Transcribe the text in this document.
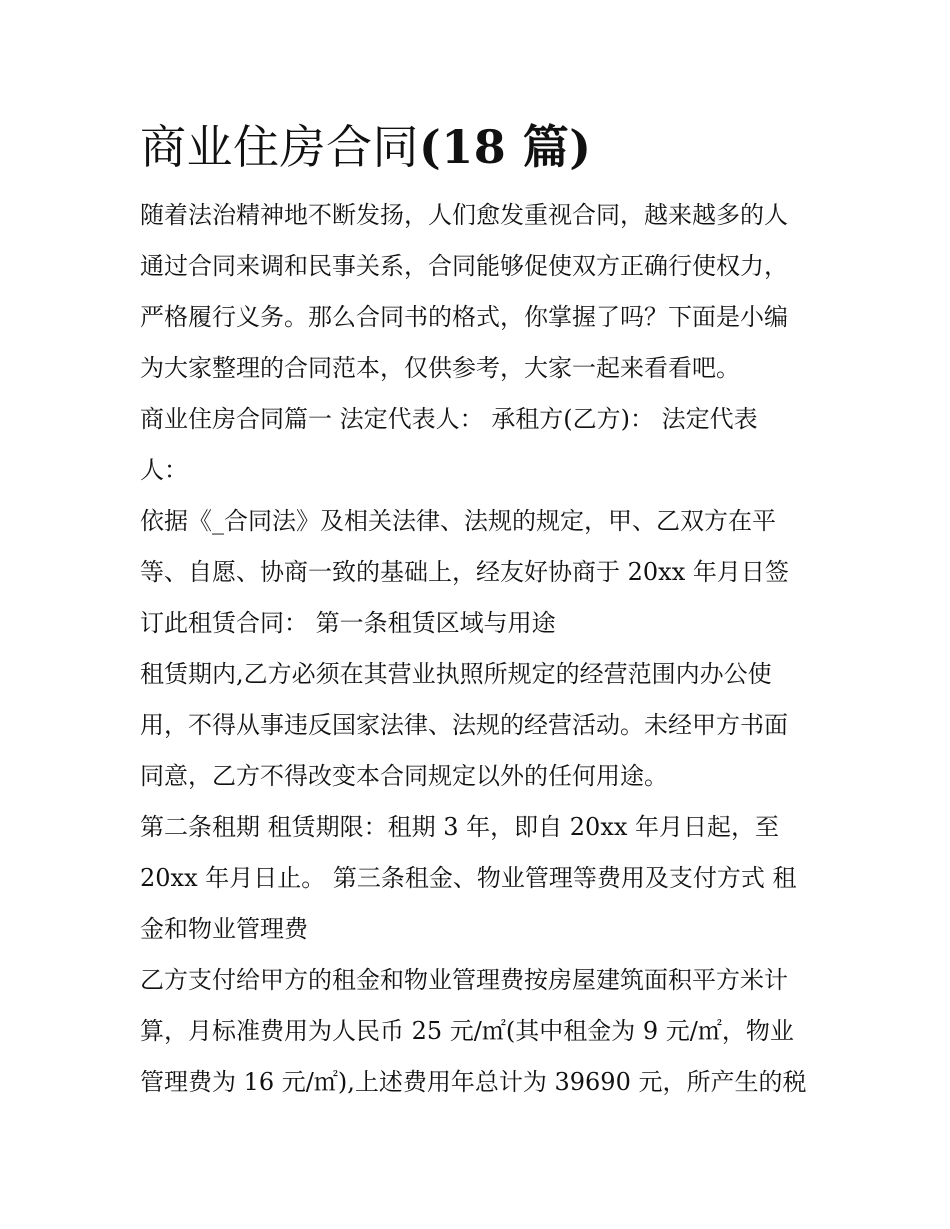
商业住房合同(18 篇)

随着法治精神地不断发扬，人们愈发重视合同，越来越多的人

通过合同来调和民事关系，合同能够促使双方正确行使权力，

严格履行义务。那么合同书的格式，你掌握了吗？下面是小编

为大家整理的合同范本，仅供参考，大家一起来看看吧。

商业住房合同篇一 法定代表人： 承租方(乙方)： 法定代表

人：

依据《_合同法》及相关法律、法规的规定，甲、乙双方在平

等、自愿、协商一致的基础上，经友好协商于 20xx 年月日签

订此租赁合同： 第一条租赁区域与用途

租赁期内,乙方必须在其营业执照所规定的经营范围内办公使

用，不得从事违反国家法律、法规的经营活动。未经甲方书面

同意，乙方不得改变本合同规定以外的任何用途。

第二条租期 租赁期限：租期 3 年，即自 20xx 年月日起，至

20xx 年月日止。 第三条租金、物业管理等费用及支付方式 租

金和物业管理费

乙方支付给甲方的租金和物业管理费按房屋建筑面积平方米计

算，月标准费用为人民币 25 元/㎡(其中租金为 9 元/㎡，物业

管理费为 16 元/㎡),上述费用年总计为 39690 元，所产生的税
